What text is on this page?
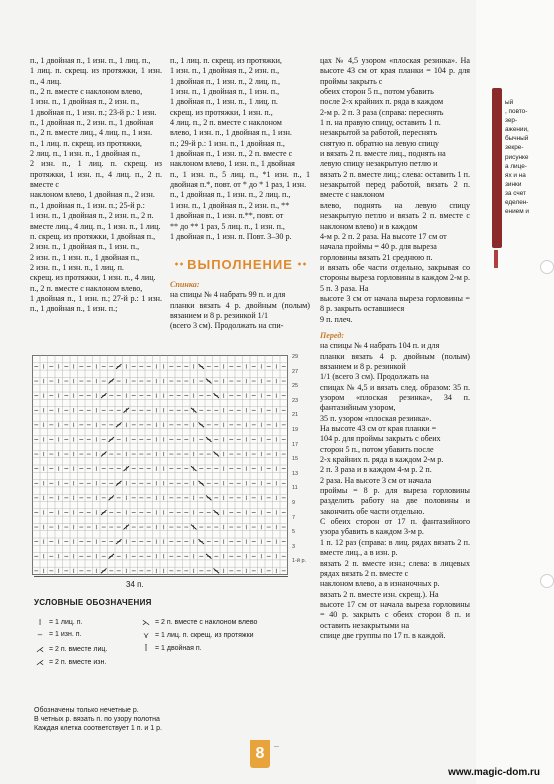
п., 1 двойная п., 1 изн. п., 1 лиц. п.,

1 лиц. п. скрещ. из протяжки, 1 изн. п., 4 лиц.

п., 2 п. вместе с наклоном влево,

1 изн. п., 1 двойная п., 2 изн. п.,

1 двойная п., 1 изн. п.; 23-й р.: 1 изн.

п., 1 двойная п., 2 изн. п., 1 двойная

п., 2 п. вместе лиц., 4 лиц. п., 1 изн.

п., 1 лиц. п. скрещ. из протяжки,

2 лиц. п., 1 изн. п., 1 двойная п.,

2 изн. п., 1 лиц. п. скрещ. из протяжки, 1 изн. п., 4 лиц. п., 2 п. вместе с

наклоном влево, 1 двойная п., 2 изн.

п., 1 двойная п., 1 изн. п.; 25-й р.:

1 изн. п., 1 двойная п., 2 изн. п., 2 п.

вместе лиц., 4 лиц. п., 1 изн. п., 1 лиц.

п. скрещ. из протяжки, 1 двойная п.,

2 изн. п., 1 двойная п., 1 изн. п.,

2 изн. п., 1 изн. п., 1 двойная п.,

2 изн. п., 1 изн. п., 1 лиц. п.

скрещ. из протяжки, 1 изн. п., 4 лиц.

п., 2 п. вместе с наклоном влево,

1 двойная п., 1 изн. п.; 27-й р.: 1 изн. п., 1 двойная п., 1 изн. п.;

п., 1 лиц. п. скрещ. из протяжки,

1 изн. п., 1 двойная п., 2 изн. п.,

1 двойная п., 1 изн. п., 2 лиц. п.,

1 изн. п., 1 двойная п., 1 изн. п.,

1 двойная п., 1 изн. п., 1 лиц. п.

скрещ. из протяжки, 1 изн. п.,

4 лиц. п., 2 п. вместе с наклоном

влево, 1 изн. п., 1 двойная п., 1 изн.

п.; 29-й р.: 1 изн. п., 1 двойная п.,

1 двойная п., 1 изн. п., 2 п. вместе с

наклоном влево, 1 изн. п., 1 двойная

п., 1 изн. п., 5 лиц. п., *1 изн. п., 1 двойная п.*, повт. от * до * 1 раз, 1 изн.

п., 1 двойная п., 1 изн. п., 2 лиц. п.,

1 изн. п., 1 двойная п., 2 изн. п., **

1 двойная п., 1 изн. п.**, повт. от

** до ** 1 раз, 5 лиц. п., 1 изн. п.,

1 двойная п., 1 изн. п. Повт. 3–30 р.

ВЫПОЛНЕНИЕ

Спинка:

на спицы № 4 набрать 99 п. и для

планки вязать 4 р. двойным (полым) вязанием и 8 р. резинкой 1/1

(всего 3 см). Продолжать на спи-

цах № 4,5 узором «плоская резинка». На высоте 43 см от края планки = 104 р. для проймы закрыть с

обеих сторон 5 п., потом убавить

после 2-х крайних п. ряда в каждом

2-м р. 2 п. 3 раза (справа: переснять

1 п. на правую спицу, оставить 1 п.

незакрытой за работой, переснять

снятую п. обратно на левую спицу

и вязать 2 п. вместе лиц., поднять на

левую спицу незакрытую петлю и

вязать 2 п. вместе лиц.; слева: оставить 1 п. незакрытой перед работой, вязать 2 п. вместе с наклоном

влево, поднять на левую спицу незакрытую петлю и вязать 2 п. вместе с наклоном влево) и в каждом

4-м р. 2 п. 2 раза. На высоте 17 см от

начала проймы = 40 р. для выреза

горловины вязать 21 среднюю п.

и вязать обе части отдельно, закрывая со стороны выреза горловины в каждом 2-м р. 5 п. 3 раза. На

высоте 3 см от начала выреза горловины = 8 р. закрыть оставшиеся

9 п. плеч.

Перед:

на спицы № 4 набрать 104 п. и для

планки вязать 4 р. двойным (полым) вязанием и 8 р. резинкой

1/1 (всего 3 см). Продолжать на

спицах № 4,5 и вязать след. образом: 35 п. узором «плоская резинка», 34 п. фантазийным узором,

35 п. узором «плоская резинка».

На высоте 43 см от края планки =

104 р. для проймы закрыть с обеих

сторон 5 п., потом убавить после

2-х крайних п. ряда в каждом 2-м р.

2 п. 3 раза и в каждом 4-м р. 2 п.

2 раза. На высоте 3 см от начала

проймы = 8 р. для выреза горловины разделить работу на две половины и закончить обе части отдельно.

С обеих сторон от 17 п. фантазийного узора убавить в каждом 3-м р.

1 п. 12 раз (справа: в лиц. рядах вязать 2 п. вместе лиц., а в изн. р.

вязать 2 п. вместе изн.; слева: в лицевых рядах вязать 2 п. вместе с

наклоном влево, а в изнаночных р.

вязать 2 п. вместе изн. скрещ.). На

высоте 17 см от начала выреза горловины = 40 р. закрыть с обеих сторон 8 п. и оставить незакрытыми на

спице две группы по 17 п. в каждой.

29
27
25
23
21
19
17
15
13
11
9
7
5
3
1-й р.
34 п.
УСЛОВНЫЕ ОБОЗНАЧЕНИЯ
ǀ	= 1 лиц. п.
– = 1 изн. п.
⋌ = 2 п. вместе лиц.
⋌ = 2 п. вместе изн.
⋋ = 2 п. вместе с наклоном влево
⋎ = 1 лиц. п. скрещ. из протяжки
Ī	= 1 двойная п.
Обозначены только нечетные р.
В четных р. вязать п. по узору полотна
Каждая клетка соответствует 1 п. и 1 р.
8	—
ый
, повто-
зер-
ажении,
бычный
зекре-
рисунке
а лице-
ях и на
зинки
за счет
еделен-
ением и
www.magic-dom.ru
